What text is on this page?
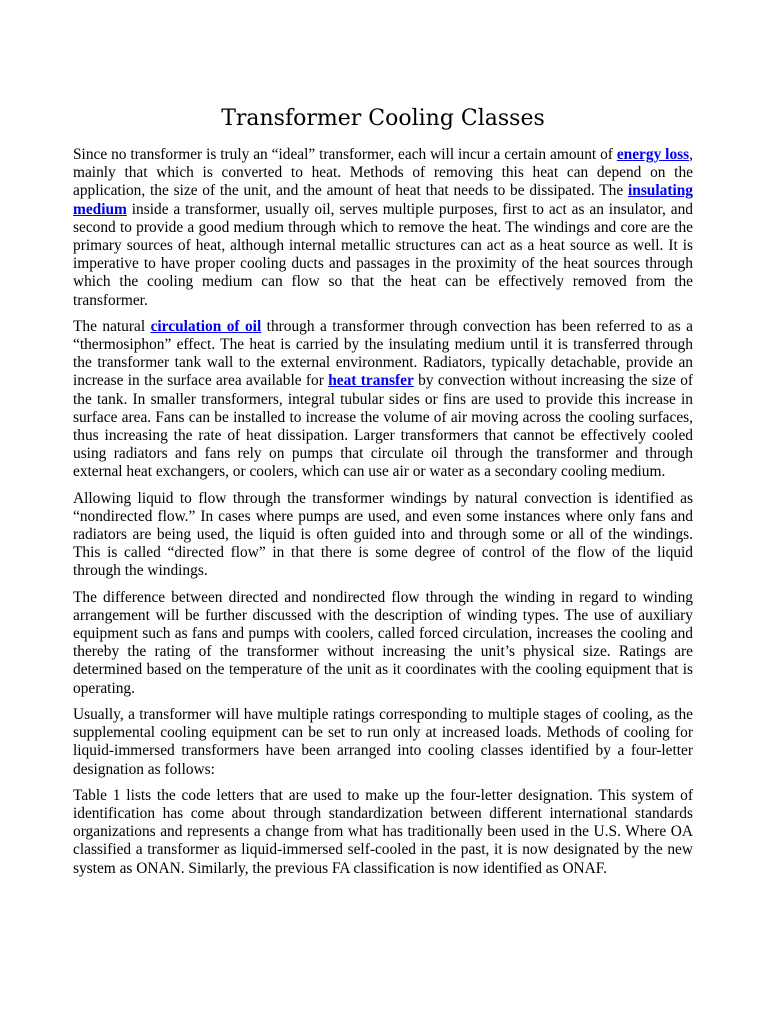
Transformer Cooling Classes

Since no transformer is truly an “ideal” transformer, each will incur a certain amount of energy loss, mainly that which is converted to heat. Methods of removing this heat can depend on the application, the size of the unit, and the amount of heat that needs to be dissipated. The insulating medium inside a transformer, usually oil, serves multiple purposes, first to act as an insulator, and second to provide a good medium through which to remove the heat. The windings and core are the primary sources of heat, although internal metallic structures can act as a heat source as well. It is imperative to have proper cooling ducts and passages in the proximity of the heat sources through which the cooling medium can flow so that the heat can be effectively removed from the transformer.

The natural circulation of oil through a transformer through convection has been referred to as a “thermosiphon” effect. The heat is carried by the insulating medium until it is transferred through the transformer tank wall to the external environment. Radiators, typically detachable, provide an increase in the surface area available for heat transfer by convection without increasing the size of the tank. In smaller transformers, integral tubular sides or fins are used to provide this increase in surface area. Fans can be installed to increase the volume of air moving across the cooling surfaces, thus increasing the rate of heat dissipation. Larger transformers that cannot be effectively cooled using radiators and fans rely on pumps that circulate oil through the transformer and through external heat exchangers, or coolers, which can use air or water as a secondary cooling medium.

Allowing liquid to flow through the transformer windings by natural convection is identified as “nondirected flow.” In cases where pumps are used, and even some instances where only fans and radiators are being used, the liquid is often guided into and through some or all of the windings. This is called “directed flow” in that there is some degree of control of the flow of the liquid through the windings.

The difference between directed and nondirected flow through the winding in regard to winding arrangement will be further discussed with the description of winding types. The use of auxiliary equipment such as fans and pumps with coolers, called forced circulation, increases the cooling and thereby the rating of the transformer without increasing the unit’s physical size. Ratings are determined based on the temperature of the unit as it coordinates with the cooling equipment that is operating.

Usually, a transformer will have multiple ratings corresponding to multiple stages of cooling, as the supplemental cooling equipment can be set to run only at increased loads. Methods of cooling for liquid-immersed transformers have been arranged into cooling classes identified by a four-letter designation as follows:

Table 1 lists the code letters that are used to make up the four-letter designation. This system of identification has come about through standardization between different international standards organizations and represents a change from what has traditionally been used in the U.S. Where OA classified a transformer as liquid-immersed self-cooled in the past, it is now designated by the new system as ONAN. Similarly, the previous FA classification is now identified as ONAF.
